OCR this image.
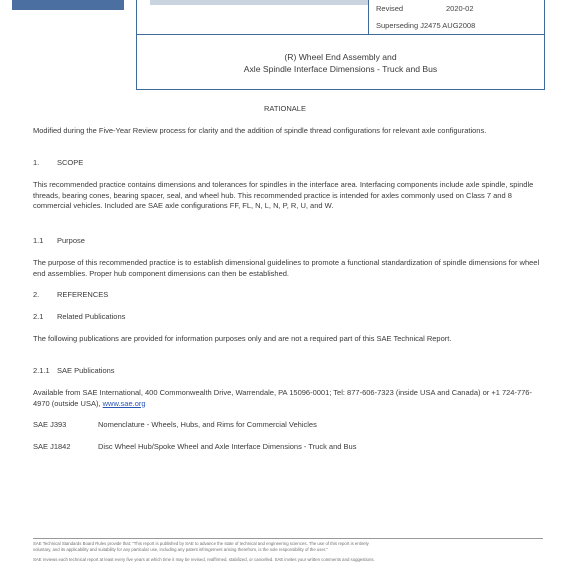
Revised	2020-02
Superseding J2475 AUG2008
(R) Wheel End Assembly and
Axle Spindle Interface Dimensions - Truck and Bus
RATIONALE
Modified during the Five-Year Review process for clarity and the addition of spindle thread configurations for relevant axle configurations.
1. SCOPE
This recommended practice contains dimensions and tolerances for spindles in the interface area. Interfacing components include axle spindle, spindle threads, bearing cones, bearing spacer, seal, and wheel hub. This recommended practice is intended for axles commonly used on Class 7 and 8 commercial vehicles. Included are SAE axle configurations FF, FL, N, L, N, P, R, U, and W.
1.1 Purpose
The purpose of this recommended practice is to establish dimensional guidelines to promote a functional standardization of spindle dimensions for wheel end assemblies. Proper hub component dimensions can then be established.
2. REFERENCES
2.1 Related Publications
The following publications are provided for information purposes only and are not a required part of this SAE Technical Report.
2.1.1 SAE Publications
Available from SAE International, 400 Commonwealth Drive, Warrendale, PA 15096-0001; Tel: 877-606-7323 (inside USA and Canada) or +1 724-776-4970 (outside USA), www.sae.org
SAE J393	Nomenclature - Wheels, Hubs, and Rims for Commercial Vehicles
SAE J1842	Disc Wheel Hub/Spoke Wheel and Axle Interface Dimensions - Truck and Bus
SAE Technical Standards Board Rules provide that: "This report is published by SAE to advance the state of technical and engineering sciences. The use of this report is entirely
voluntary, and its applicability and suitability for any particular use, including any patent infringement arising therefrom, is the sole responsibility of the user."
SAE reviews each technical report at least every five years at which time it may be revised, reaffirmed, stabilized, or cancelled. SAE invites your written comments and suggestions.
